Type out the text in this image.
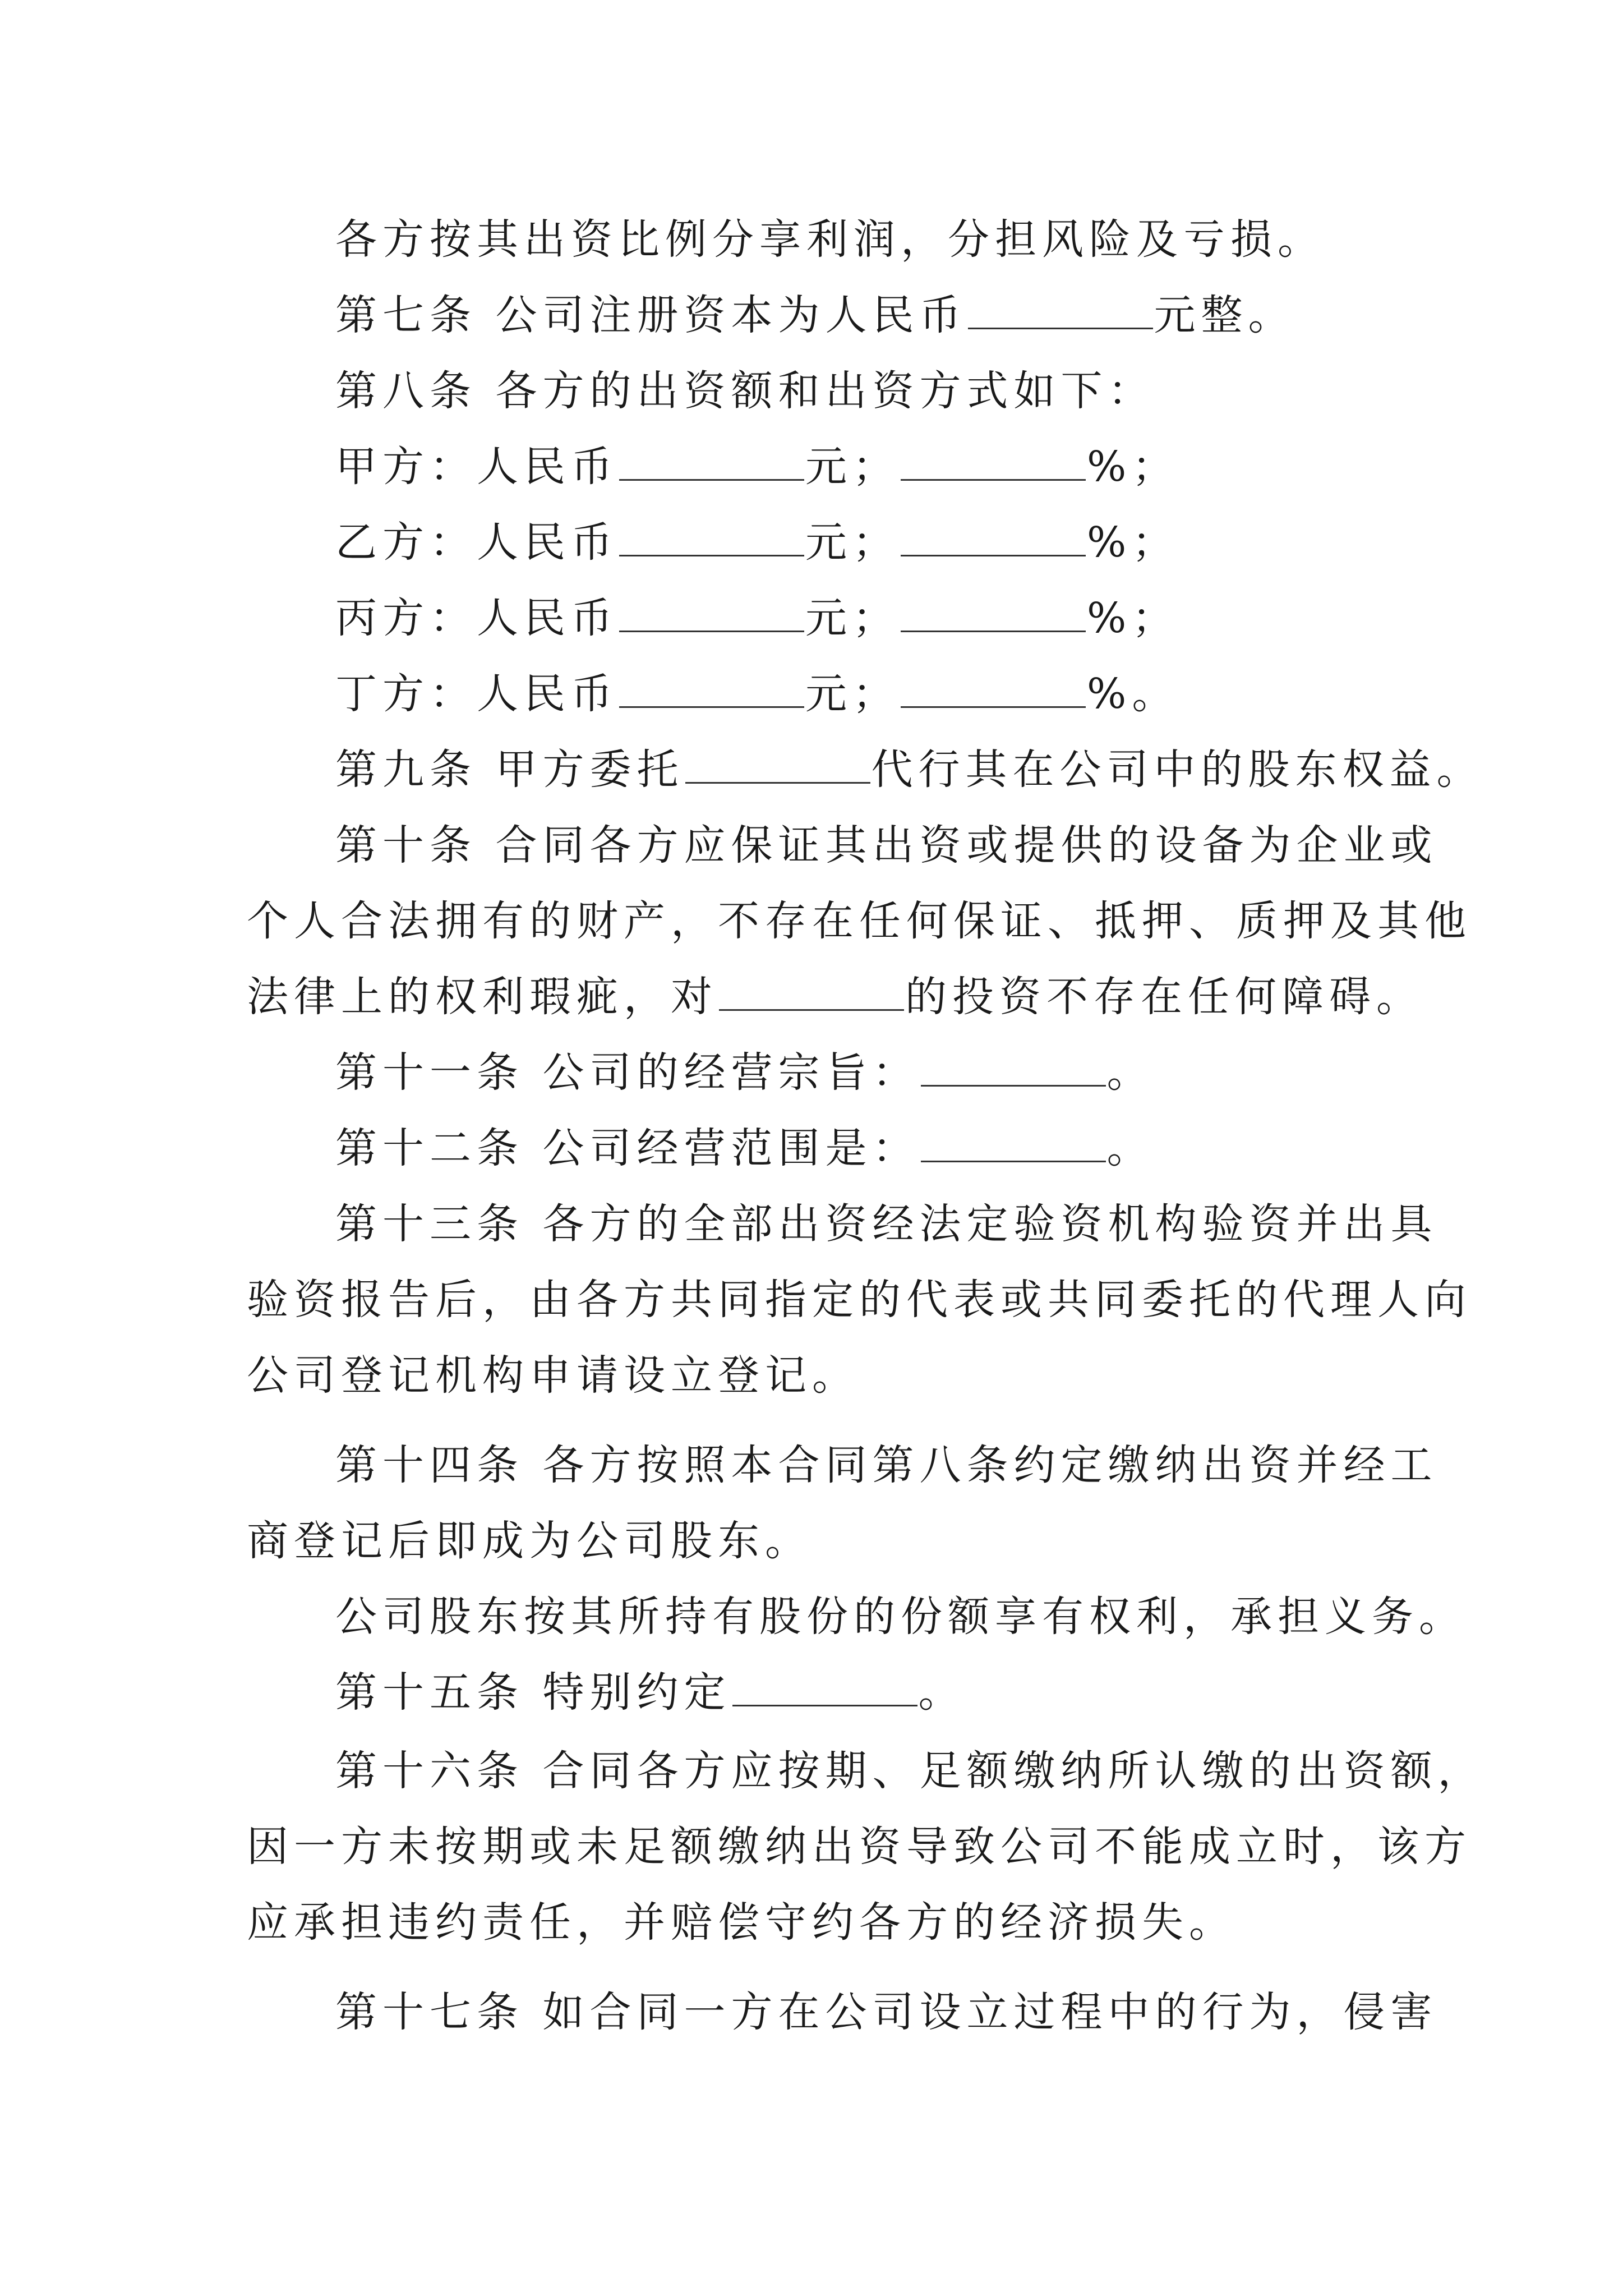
各方按其出资比例分享利润，分担风险及亏损。
第七条 公司注册资本为人民币	元整。
第八条 各方的出资额和出资方式如下：
甲方：人民币	元；	%；
乙方：人民币	元；	%；
丙方：人民币	元；	%；
丁方：人民币	元；	%。
第九条 甲方委托	代行其在公司中的股东权益。
第十条 合同各方应保证其出资或提供的设备为企业或
个人合法拥有的财产，不存在任何保证、抵押、质押及其他
法律上的权利瑕疵，对	的投资不存在任何障碍。
第十一条 公司的经营宗旨：	。
第十二条 公司经营范围是：	。
第十三条 各方的全部出资经法定验资机构验资并出具
验资报告后，由各方共同指定的代表或共同委托的代理人向
公司登记机构申请设立登记。
第十四条 各方按照本合同第八条约定缴纳出资并经工
商登记后即成为公司股东。
公司股东按其所持有股份的份额享有权利，承担义务。
第十五条 特别约定	。
第十六条 合同各方应按期、足额缴纳所认缴的出资额，
因一方未按期或未足额缴纳出资导致公司不能成立时，该方
应承担违约责任，并赔偿守约各方的经济损失。
第十七条 如合同一方在公司设立过程中的行为，侵害
